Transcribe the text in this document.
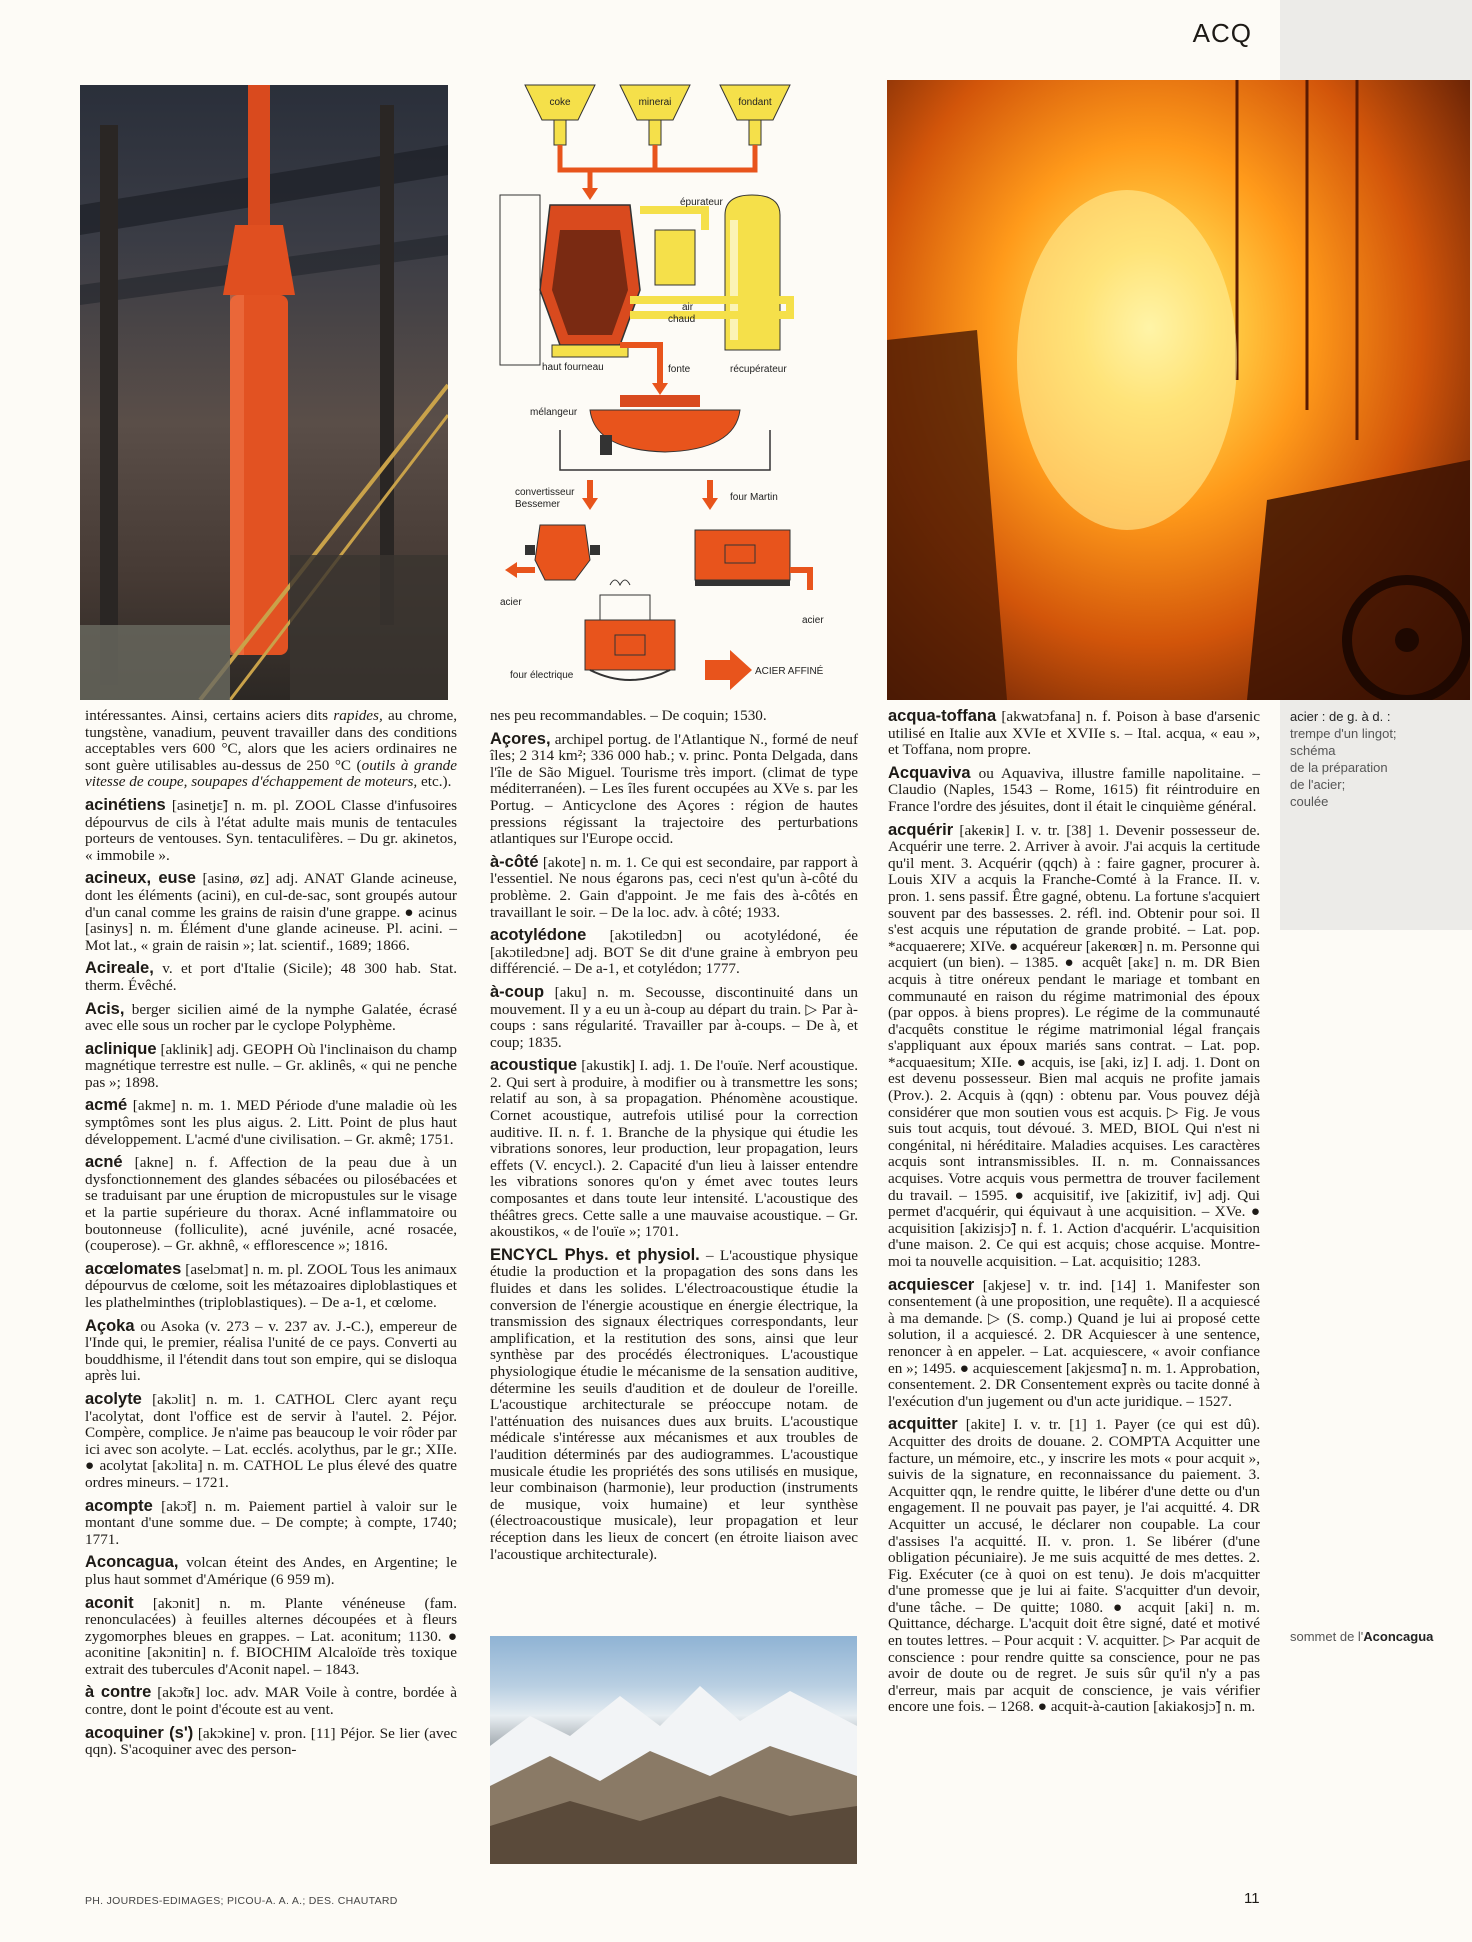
ACQ
coke	minerai	fondant
épurateur
air
chaud
haut fourneau	fonte	récupérateur
mélangeur
convertisseur
Bessemer
four Martin
acier
acier
four électrique	ACIER AFFINÉ

intéressantes. Ainsi, certains aciers dits rapides, au chrome, tungstène, vanadium, peuvent travailler dans des conditions acceptables vers 600 °C, alors que les aciers ordinaires ne sont guère utilisables au-dessus de 250 °C (outils à grande vitesse de coupe, soupapes d'échappement de moteurs, etc.).

acinétiens [asinetjɛ̃] n. m. pl. ZOOL Classe d'infusoires dépourvus de cils à l'état adulte mais munis de tentacules porteurs de ventouses. Syn. tentaculifères. – Du gr. akinetos, « immobile ».

acineux, euse [asinø, øz] adj. ANAT Glande acineuse, dont les éléments (acini), en cul-de-sac, sont groupés autour d'un canal comme les grains de raisin d'une grappe. ● acinus [asinys] n. m. Élément d'une glande acineuse. Pl. acini. – Mot lat., « grain de raisin »; lat. scientif., 1689; 1866.

Acireale, v. et port d'Italie (Sicile); 48 300 hab. Stat. therm. Évêché.

Acis, berger sicilien aimé de la nymphe Galatée, écrasé avec elle sous un rocher par le cyclope Polyphème.

aclinique [aklinik] adj. GEOPH Où l'inclinaison du champ magnétique terrestre est nulle. – Gr. aklinês, « qui ne penche pas »; 1898.

acmé [akme] n. m. 1. MED Période d'une maladie où les symptômes sont les plus aigus. 2. Litt. Point de plus haut développement. L'acmé d'une civilisation. – Gr. akmê; 1751.

acné [akne] n. f. Affection de la peau due à un dysfonctionnement des glandes sébacées ou pilosébacées et se traduisant par une éruption de micropustules sur le visage et la partie supérieure du thorax. Acné inflammatoire ou boutonneuse (folliculite), acné juvénile, acné rosacée, (couperose). – Gr. akhnê, « efflorescence »; 1816.

acœlomates [aselɔmat] n. m. pl. ZOOL Tous les animaux dépourvus de cœlome, soit les métazoaires diploblastiques et les plathelminthes (triploblastiques). – De a-1, et cœlome.

Açoka ou Asoka (v. 273 – v. 237 av. J.-C.), empereur de l'Inde qui, le premier, réalisa l'unité de ce pays. Converti au bouddhisme, il l'étendit dans tout son empire, qui se disloqua après lui.

acolyte [akɔlit] n. m. 1. CATHOL Clerc ayant reçu l'acolytat, dont l'office est de servir à l'autel. 2. Péjor. Compère, complice. Je n'aime pas beaucoup le voir rôder par ici avec son acolyte. – Lat. ecclés. acolythus, par le gr.; XIIe. ● acolytat [akɔlita] n. m. CATHOL Le plus élevé des quatre ordres mineurs. – 1721.

acompte [akɔ̃t] n. m. Paiement partiel à valoir sur le montant d'une somme due. – De compte; à compte, 1740; 1771.

Aconcagua, volcan éteint des Andes, en Argentine; le plus haut sommet d'Amérique (6 959 m).

aconit [akɔnit] n. m. Plante vénéneuse (fam. renonculacées) à feuilles alternes découpées et à fleurs zygomorphes bleues en grappes. – Lat. aconitum; 1130. ● aconitine [akɔnitin] n. f. BIOCHIM Alcaloïde très toxique extrait des tubercules d'Aconit napel. – 1843.

à contre [akɔ̃tʀ] loc. adv. MAR Voile à contre, bordée à contre, dont le point d'écoute est au vent.

acoquiner (s') [akɔkine] v. pron. [11] Péjor. Se lier (avec qqn). S'acoquiner avec des person-

nes peu recommandables. – De coquin; 1530.

Açores, archipel portug. de l'Atlantique N., formé de neuf îles; 2 314 km²; 336 000 hab.; v. princ. Ponta Delgada, dans l'île de São Miguel. Tourisme très import. (climat de type méditerranéen). – Les îles furent occupées au XVe s. par les Portug. – Anticyclone des Açores : région de hautes pressions régissant la trajectoire des perturbations atlantiques sur l'Europe occid.

à-côté [akote] n. m. 1. Ce qui est secondaire, par rapport à l'essentiel. Ne nous égarons pas, ceci n'est qu'un à-côté du problème. 2. Gain d'appoint. Je me fais des à-côtés en travaillant le soir. – De la loc. adv. à côté; 1933.

acotylédone [akɔtiledɔn] ou acotylédoné, ée [akɔtiledɔne] adj. BOT Se dit d'une graine à embryon peu différencié. – De a-1, et cotylédon; 1777.

à-coup [aku] n. m. Secousse, discontinuité dans un mouvement. Il y a eu un à-coup au départ du train. ▷ Par à-coups : sans régularité. Travailler par à-coups. – De à, et coup; 1835.

acoustique [akustik] I. adj. 1. De l'ouïe. Nerf acoustique. 2. Qui sert à produire, à modifier ou à transmettre les sons; relatif au son, à sa propagation. Phénomène acoustique. Cornet acoustique, autrefois utilisé pour la correction auditive. II. n. f. 1. Branche de la physique qui étudie les vibrations sonores, leur production, leur propagation, leurs effets (V. encycl.). 2. Capacité d'un lieu à laisser entendre les vibrations sonores qu'on y émet avec toutes leurs composantes et dans toute leur intensité. L'acoustique des théâtres grecs. Cette salle a une mauvaise acoustique. – Gr. akoustikos, « de l'ouïe »; 1701.

ENCYCL Phys. et physiol. – L'acoustique physique étudie la production et la propagation des sons dans les fluides et dans les solides. L'électroacoustique étudie la conversion de l'énergie acoustique en énergie électrique, la transmission des signaux électriques correspondants, leur amplification, et la restitution des sons, ainsi que leur synthèse par des procédés électroniques. L'acoustique physiologique étudie le mécanisme de la sensation auditive, détermine les seuils d'audition et de douleur de l'oreille. L'acoustique architecturale se préoccupe notam. de l'atténuation des nuisances dues aux bruits. L'acoustique médicale s'intéresse aux mécanismes et aux troubles de l'audition déterminés par des audiogrammes. L'acoustique musicale étudie les propriétés des sons utilisés en musique, leur combinaison (harmonie), leur production (instruments de musique, voix humaine) et leur synthèse (électroacoustique musicale), leur propagation et leur réception dans les lieux de concert (en étroite liaison avec l'acoustique architecturale).

acqua-toffana [akwatɔfana] n. f. Poison à base d'arsenic utilisé en Italie aux XVIe et XVIIe s. – Ital. acqua, « eau », et Toffana, nom propre.

Acquaviva ou Aquaviva, illustre famille napolitaine. – Claudio (Naples, 1543 – Rome, 1615) fit réintroduire en France l'ordre des jésuites, dont il était le cinquième général.

acquérir [akeʀiʀ] I. v. tr. [38] 1. Devenir possesseur de. Acquérir une terre. 2. Arriver à avoir. J'ai acquis la certitude qu'il ment. 3. Acquérir (qqch) à : faire gagner, procurer à. Louis XIV a acquis la Franche-Comté à la France. II. v. pron. 1. sens passif. Être gagné, obtenu. La fortune s'acquiert souvent par des bassesses. 2. réfl. ind. Obtenir pour soi. Il s'est acquis une réputation de grande probité. – Lat. pop. *acquaerere; XIVe. ● acquéreur [akeʀœʀ] n. m. Personne qui acquiert (un bien). – 1385. ● acquêt [akɛ] n. m. DR Bien acquis à titre onéreux pendant le mariage et tombant en communauté en raison du régime matrimonial des époux (par oppos. à biens propres). Le régime de la communauté d'acquêts constitue le régime matrimonial légal français s'appliquant aux époux mariés sans contrat. – Lat. pop. *acquaesitum; XIIe. ● acquis, ise [aki, iz] I. adj. 1. Dont on est devenu possesseur. Bien mal acquis ne profite jamais (Prov.). 2. Acquis à (qqn) : obtenu par. Vous pouvez déjà considérer que mon soutien vous est acquis. ▷ Fig. Je vous suis tout acquis, tout dévoué. 3. MED, BIOL Qui n'est ni congénital, ni héréditaire. Maladies acquises. Les caractères acquis sont intransmissibles. II. n. m. Connaissances acquises. Votre acquis vous permettra de trouver facilement du travail. – 1595. ● acquisitif, ive [akizitif, iv] adj. Qui permet d'acquérir, qui équivaut à une acquisition. – XVe. ● acquisition [akizisjɔ̃] n. f. 1. Action d'acquérir. L'acquisition d'une maison. 2. Ce qui est acquis; chose acquise. Montre-moi ta nouvelle acquisition. – Lat. acquisitio; 1283.

acquiescer [akjese] v. tr. ind. [14] 1. Manifester son consentement (à une proposition, une requête). Il a acquiescé à ma demande. ▷ (S. comp.) Quand je lui ai proposé cette solution, il a acquiescé. 2. DR Acquiescer à une sentence, renoncer à en appeler. – Lat. acquiescere, « avoir confiance en »; 1495. ● acquiescement [akjɛsmɑ̃] n. m. 1. Approbation, consentement. 2. DR Consentement exprès ou tacite donné à l'exécution d'un jugement ou d'un acte juridique. – 1527.

acquitter [akite] I. v. tr. [1] 1. Payer (ce qui est dû). Acquitter des droits de douane. 2. COMPTA Acquitter une facture, un mémoire, etc., y inscrire les mots « pour acquit », suivis de la signature, en reconnaissance du paiement. 3. Acquitter qqn, le rendre quitte, le libérer d'une dette ou d'un engagement. Il ne pouvait pas payer, je l'ai acquitté. 4. DR Acquitter un accusé, le déclarer non coupable. La cour d'assises l'a acquitté. II. v. pron. 1. Se libérer (d'une obligation pécuniaire). Je me suis acquitté de mes dettes. 2. Fig. Exécuter (ce à quoi on est tenu). Je dois m'acquitter d'une promesse que je lui ai faite. S'acquitter d'un devoir, d'une tâche. – De quitte; 1080. ● acquit [aki] n. m. Quittance, décharge. L'acquit doit être signé, daté et motivé en toutes lettres. – Pour acquit : V. acquitter. ▷ Par acquit de conscience : pour rendre quitte sa conscience, pour ne pas avoir de doute ou de regret. Je suis sûr qu'il n'y a pas d'erreur, mais par acquit de conscience, je vais vérifier encore une fois. – 1268. ● acquit-à-caution [akiakosjɔ̃] n. m.

acier : de g. à d. :
trempe d'un lingot;
schéma
de la préparation
de l'acier;
coulée
sommet de l'Aconcagua
PH. JOURDES-EDIMAGES; PICOU-A. A. A.; DES. CHAUTARD	11
